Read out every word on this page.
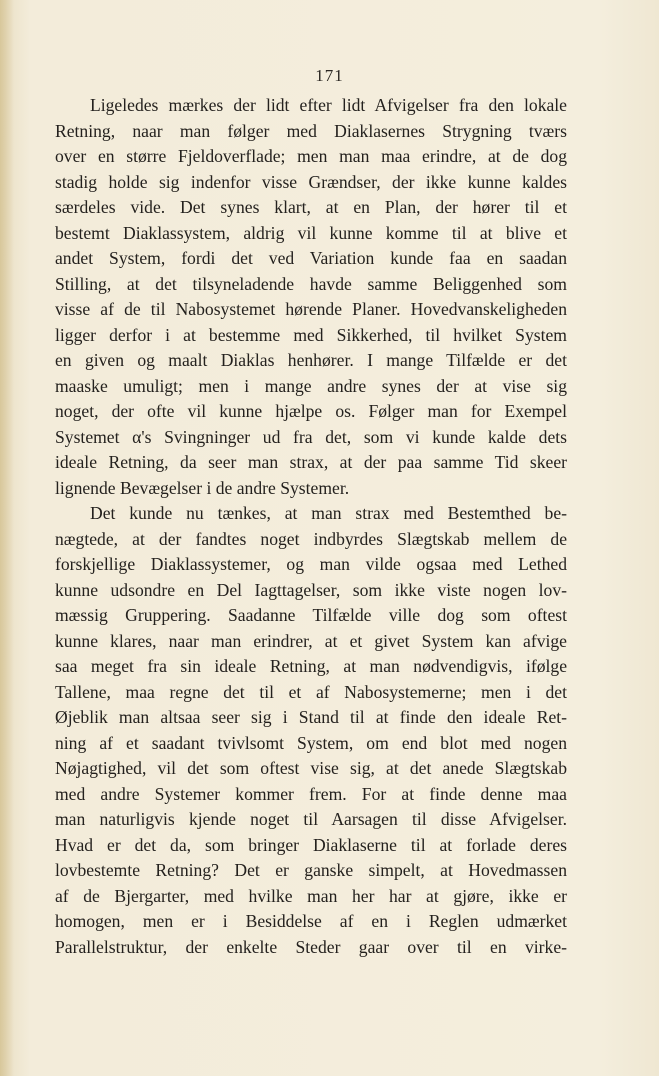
171
Ligeledes mærkes der lidt efter lidt Afvigelser fra den lokale
Retning, naar man følger med Diaklasernes Strygning tværs
over en større Fjeldoverflade; men man maa erindre, at de dog
stadig holde sig indenfor visse Grændser, der ikke kunne kaldes
særdeles vide. Det synes klart, at en Plan, der hører til et
bestemt Diaklassystem, aldrig vil kunne komme til at blive et
andet System, fordi det ved Variation kunde faa en saadan
Stilling, at det tilsyneladende havde samme Beliggenhed som
visse af de til Nabosystemet hørende Planer. Hovedvanskeligheden
ligger derfor i at bestemme med Sikkerhed, til hvilket System
en given og maalt Diaklas henhører. I mange Tilfælde er det
maaske umuligt; men i mange andre synes der at vise sig
noget, der ofte vil kunne hjælpe os. Følger man for Exempel
Systemet α's Svingninger ud fra det, som vi kunde kalde dets
ideale Retning, da seer man strax, at der paa samme Tid skeer
lignende Bevægelser i de andre Systemer.
Det kunde nu tænkes, at man strax med Bestemthed be-
nægtede, at der fandtes noget indbyrdes Slægtskab mellem de
forskjellige Diaklassystemer, og man vilde ogsaa med Lethed
kunne udsondre en Del Iagttagelser, som ikke viste nogen lov-
mæssig Gruppering. Saadanne Tilfælde ville dog som oftest
kunne klares, naar man erindrer, at et givet System kan afvige
saa meget fra sin ideale Retning, at man nødvendigvis, ifølge
Tallene, maa regne det til et af Nabosystemerne; men i det
Øjeblik man altsaa seer sig i Stand til at finde den ideale Ret-
ning af et saadant tvivlsomt System, om end blot med nogen
Nøjagtighed, vil det som oftest vise sig, at det anede Slægtskab
med andre Systemer kommer frem. For at finde denne maa
man naturligvis kjende noget til Aarsagen til disse Afvigelser.
Hvad er det da, som bringer Diaklaserne til at forlade deres
lovbestemte Retning? Det er ganske simpelt, at Hovedmassen
af de Bjergarter, med hvilke man her har at gjøre, ikke er
homogen, men er i Besiddelse af en i Reglen udmærket
Parallelstruktur, der enkelte Steder gaar over til en virke-
